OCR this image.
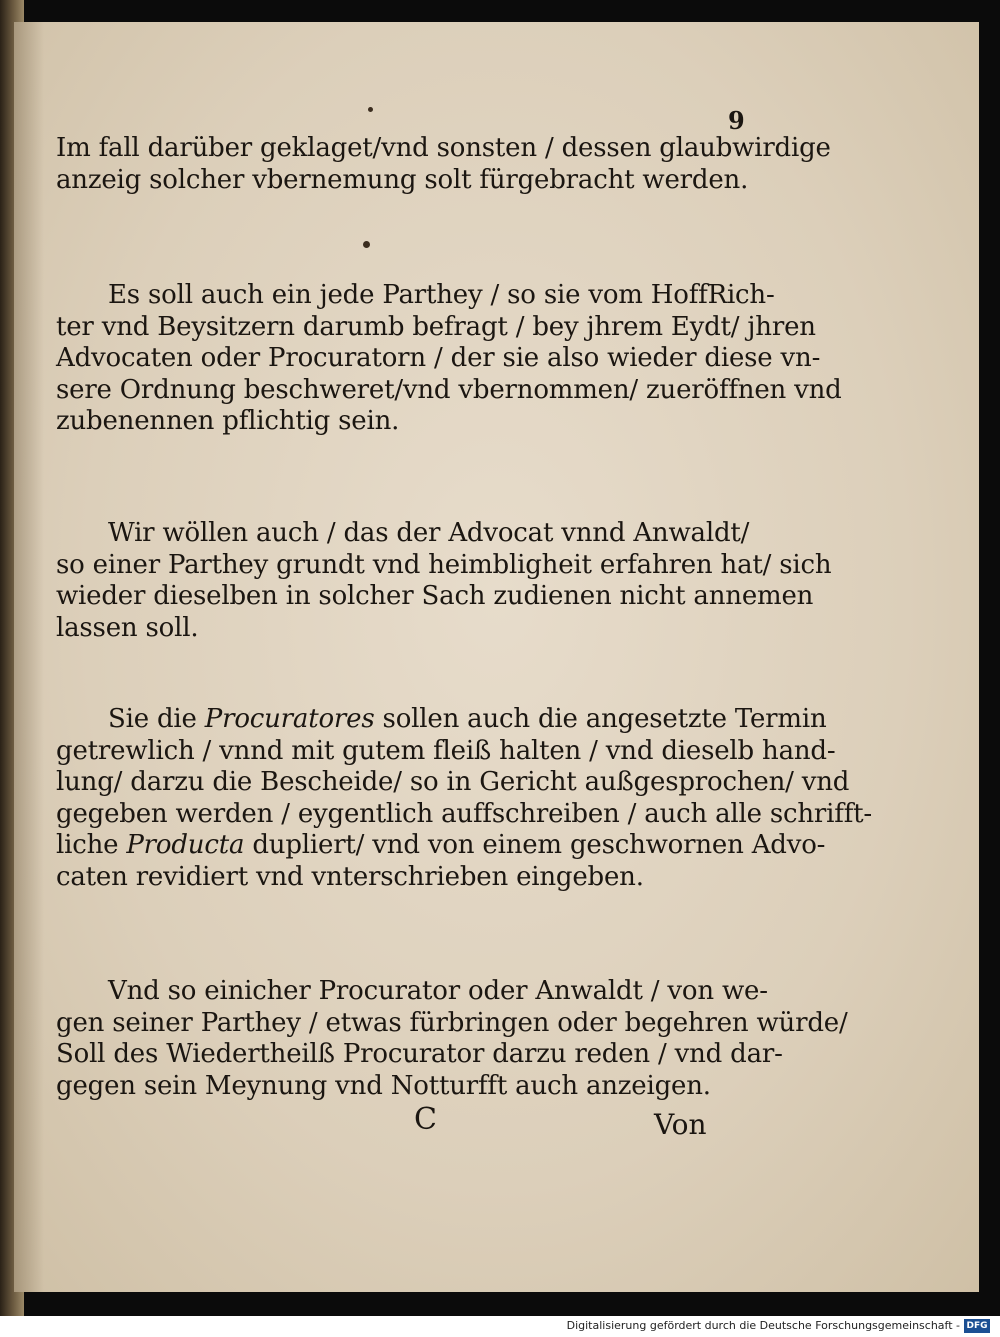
9
Im fall darüber geklaget/vnd sonsten / dessen glaubwirdige
anzeig solcher vbernemung solt fürgebracht werden.
Es soll auch ein jede Parthey / so sie vom HoffRich-
ter vnd Beysitzern darumb befragt / bey jhrem Eydt/ jhren
Advocaten oder Procuratorn / der sie also wieder diese vn-
sere Ordnung beschweret/vnd vbernommen/ zueröffnen vnd
zubenennen pflichtig sein.
Wir wöllen auch / das der Advocat vnnd Anwaldt/
so einer Parthey grundt vnd heimbligheit erfahren hat/ sich
wieder dieselben in solcher Sach zudienen nicht annemen
lassen soll.
Sie die Procuratores sollen auch die angesetzte Termin
getrewlich / vnnd mit gutem fleiß halten / vnd dieselb hand-
lung/ darzu die Bescheide/ so in Gericht außgesprochen/ vnd
gegeben werden / eygentlich auffschreiben / auch alle schrifft-
liche Producta dupliert/ vnd von einem geschwornen Advo-
caten revidiert vnd vnterschrieben eingeben.
Vnd so einicher Procurator oder Anwaldt / von we-
gen seiner Parthey / etwas fürbringen oder begehren würde/
Soll des Wiedertheilß Procurator darzu reden / vnd dar-
gegen sein Meynung vnd Notturfft auch anzeigen.
C	Von
Digitalisierung gefördert durch die Deutsche Forschungsgemeinschaft - DFG
